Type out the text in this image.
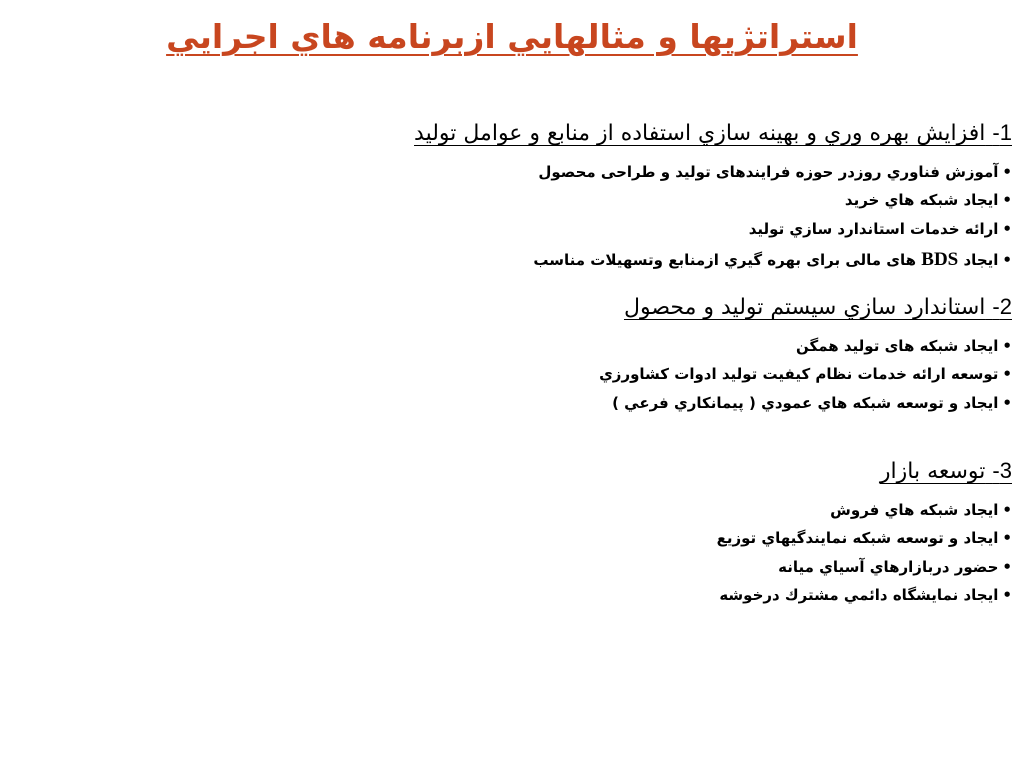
استراتژيها و مثالهايي ازبرنامه هاي اجرايي
1- افزايش بهره وري و بهينه سازي استفاده از منابع و عوامل توليد
•آموزش فناوري روزدر حوزه فرايندهای توليد و طراحی محصول
•ايجاد شبکه هاي خريد
•ارائه خدمات استاندارد سازي توليد
•ايجاد BDS های مالی برای بهره گيري ازمنابع وتسهيلات مناسب
2- استاندارد سازي سيستم توليد و محصول
•ايجاد شبکه های توليد همگن
•توسعه ارائه خدمات نظام کيفيت توليد ادوات کشاورزي
•ايجاد و توسعه شبکه هاي عمودي ( پيمانکاري فرعي )
3- توسعه بازار
•ايجاد شبکه هاي فروش
•ايجاد و توسعه شبکه نمايندگيهاي توزيع
•حضور دربازارهاي آسياي ميانه
•ايجاد نمايشگاه دائمي مشترك درخوشه
